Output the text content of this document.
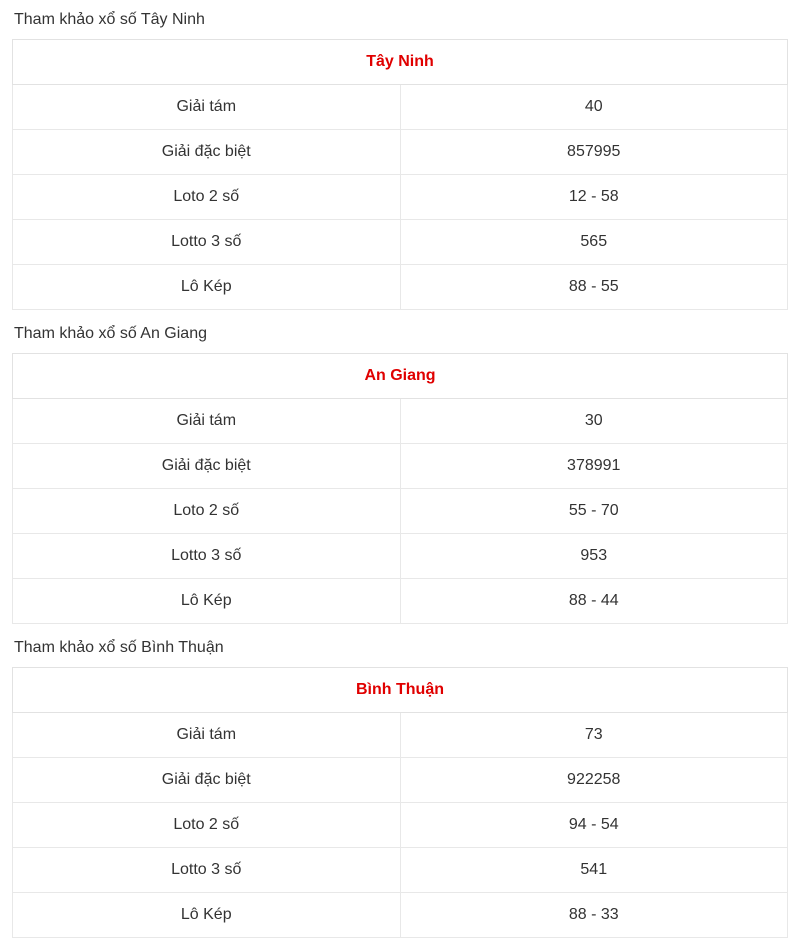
Tham khảo xổ số Tây Ninh
Tây Ninh	
Giải tám	40
Giải đặc biệt	857995
Loto 2 số	12 - 58
Lotto 3 số	565
Lô Kép	88 - 55
Tham khảo xổ số An Giang
An Giang	
Giải tám	30
Giải đặc biệt	378991
Loto 2 số	55 - 70
Lotto 3 số	953
Lô Kép	88 - 44
Tham khảo xổ số Bình Thuận
Bình Thuận	
Giải tám	73
Giải đặc biệt	922258
Loto 2 số	94 - 54
Lotto 3 số	541
Lô Kép	88 - 33
